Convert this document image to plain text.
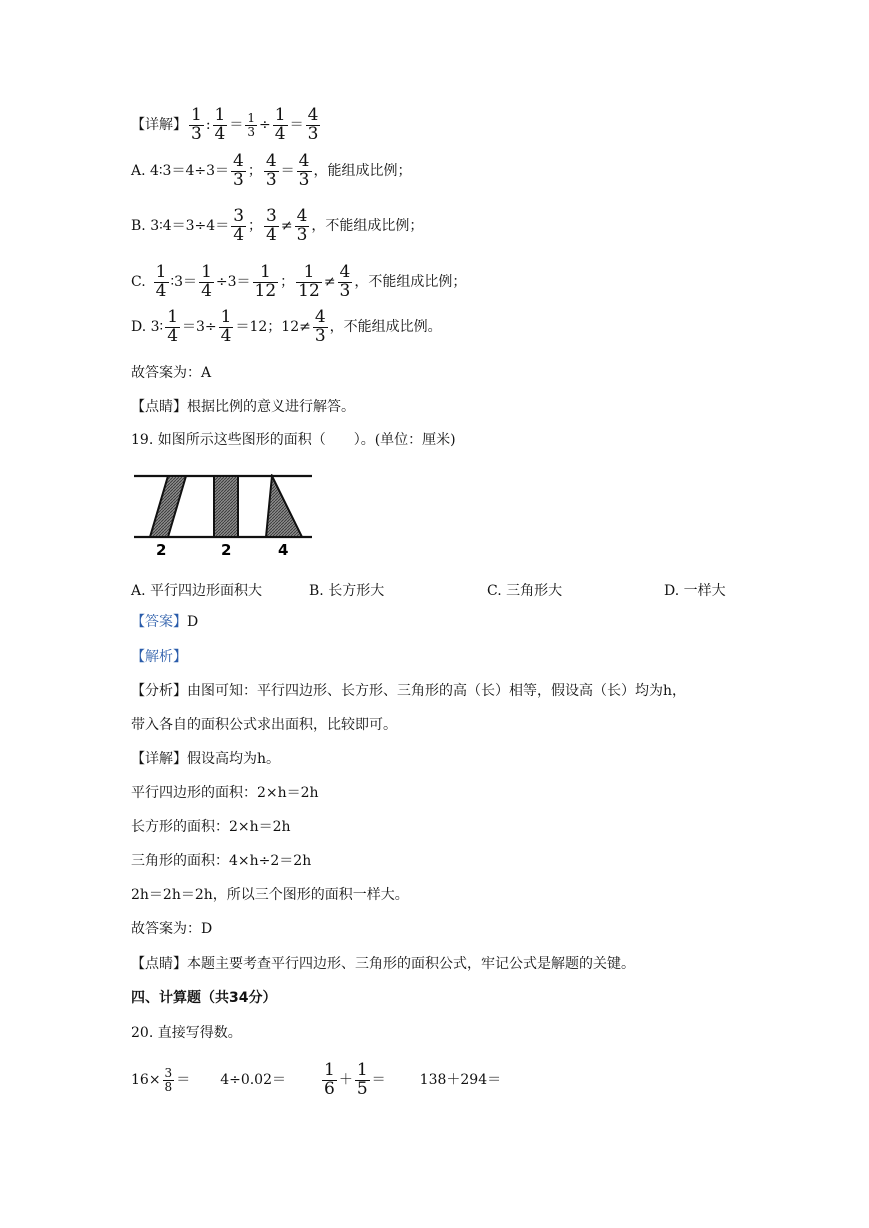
【详解】 $\frac{1}{3}$ : $\frac{1}{4} = \frac{1}{3} \div \frac{1}{4} = \frac{4}{3}$
A. 4∶3＝4÷3＝ $\frac{4}{3}$ ； $\frac{4}{3} = \frac{4}{3}$ ，能组成比例；
B. 3∶4＝3÷4＝ $\frac{3}{4}$ ； $\frac{3}{4} \ne \frac{4}{3}$ ，不能组成比例；
C. $\frac{1}{4}$ ∶3＝ $\frac{1}{4} \div 3= \frac{1}{12}$ ； $\frac{1}{12} \ne \frac{4}{3}$ ，不能组成比例；
D. 3∶ $\frac{1}{4} =3\div \frac{1}{4} =12$；$12\ne \frac{4}{3}$ ，不能组成比例。
故答案为：A
【点睛】根据比例的意义进行解答。
19. 如图所示这些图形的面积（　　）。(单位：厘米)
2	2	4
A. 平行四边形面积大	B. 长方形大	C. 三角形大	D. 一样大
【答案】D
【解析】
【分析】由图可知：平行四边形、长方形、三角形的高（长）相等，假设高（长）均为h，
带入各自的面积公式求出面积，比较即可。
【详解】假设高均为h。
平行四边形的面积：2×h＝2h
长方形的面积：2×h＝2h
三角形的面积：4×h÷2＝2h
2h＝2h＝2h，所以三个图形的面积一样大。
故答案为：D
【点睛】本题主要考查平行四边形、三角形的面积公式，牢记公式是解题的关键。
四、计算题（共34分）
20. 直接写得数。
$16\times \frac{3}{8} = 4\div 0.02= \frac{1}{6} + \frac{1}{5} = 138+294=$
